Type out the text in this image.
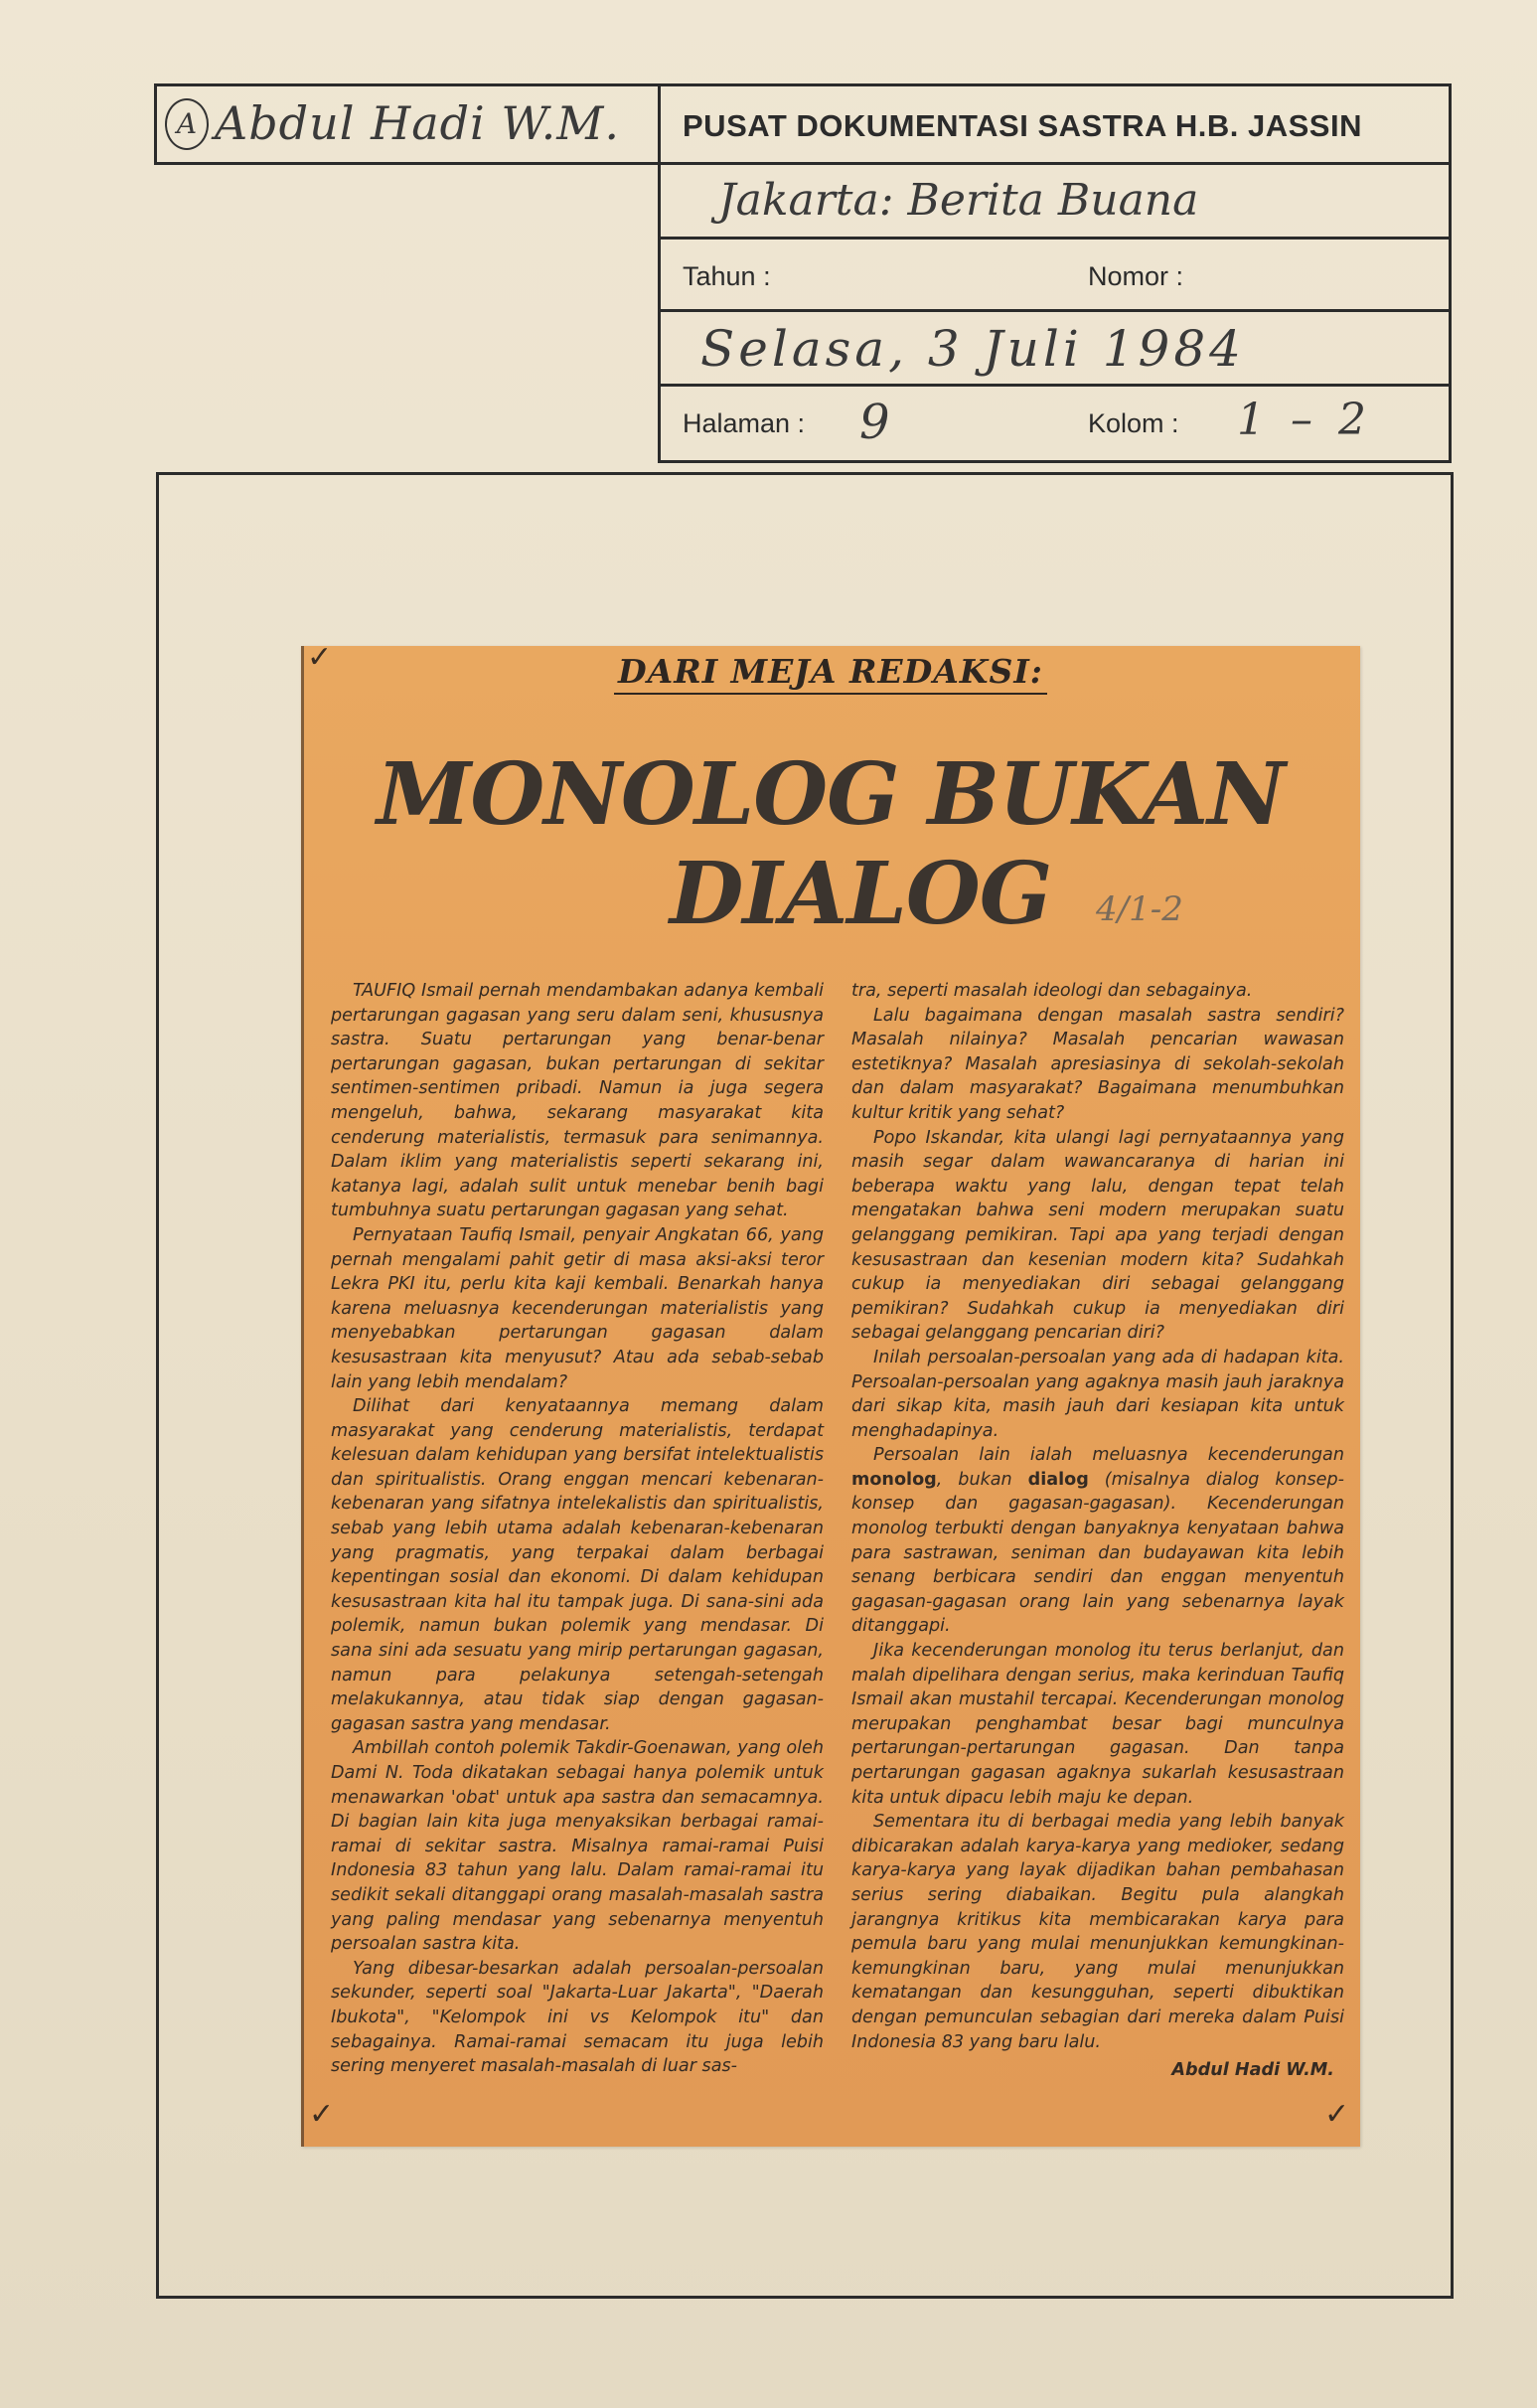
A Abdul Hadi W.M. PUSAT DOKUMENTASI SASTRA H.B. JASSIN
Jakarta: Berita Buana
Tahun :	Nomor :
Selasa, 3 Juli 1984
Halaman : 9	Kolom : 1 – 2
✓
✓	✓
DARI MEJA REDAKSI:
MONOLOG BUKAN
DIALOG	4/1-2

TAUFIQ Ismail pernah mendambakan adanya kembali pertarungan gagasan yang seru dalam seni, khususnya sastra. Suatu pertarungan yang benar-benar pertarungan gagasan, bukan pertarungan di sekitar sentimen-sentimen pribadi. Namun ia juga segera mengeluh, bahwa, sekarang masyarakat kita cenderung materialistis, termasuk para senimannya. Dalam iklim yang materialistis seperti sekarang ini, katanya lagi, adalah sulit untuk menebar benih bagi tumbuhnya suatu pertarungan gagasan yang sehat.

Pernyataan Taufiq Ismail, penyair Angkatan 66, yang pernah mengalami pahit getir di masa aksi-aksi teror Lekra PKI itu, perlu kita kaji kembali. Benarkah hanya karena meluasnya kecenderungan materialistis yang menyebabkan pertarungan gagasan dalam kesusastraan kita menyusut? Atau ada sebab-sebab lain yang lebih mendalam?

Dilihat dari kenyataannya memang dalam masyarakat yang cenderung materialistis, terdapat kelesuan dalam kehidupan yang bersifat intelektualistis dan spiritualistis. Orang enggan mencari kebenaran-kebenaran yang sifatnya intelekalistis dan spiritualistis, sebab yang lebih utama adalah kebenaran-kebenaran yang pragmatis, yang terpakai dalam berbagai kepentingan sosial dan ekonomi. Di dalam kehidupan kesusastraan kita hal itu tampak juga. Di sana-sini ada polemik, namun bukan polemik yang mendasar. Di sana sini ada sesuatu yang mirip pertarungan gagasan, namun para pelakunya setengah-setengah melakukannya, atau tidak siap dengan gagasan-gagasan sastra yang mendasar.

Ambillah contoh polemik Takdir-Goenawan, yang oleh Dami N. Toda dikatakan sebagai hanya polemik untuk menawarkan 'obat' untuk apa sastra dan semacamnya. Di bagian lain kita juga menyaksikan berbagai ramai-ramai di sekitar sastra. Misalnya ramai-ramai Puisi Indonesia 83 tahun yang lalu. Dalam ramai-ramai itu sedikit sekali ditanggapi orang masalah-masalah sastra yang paling mendasar yang sebenarnya menyentuh persoalan sastra kita.

Yang dibesar-besarkan adalah persoalan-persoalan sekunder, seperti soal "Jakarta-Luar Jakarta", "Daerah Ibukota", "Kelompok ini vs Kelompok itu" dan sebagainya. Ramai-ramai semacam itu juga lebih sering menyeret masalah-masalah di luar sas-

tra, seperti masalah ideologi dan sebagainya.

Lalu bagaimana dengan masalah sastra sendiri? Masalah nilainya? Masalah pencarian wawasan estetiknya? Masalah apresiasinya di sekolah-sekolah dan dalam masyarakat? Bagaimana menumbuhkan kultur kritik yang sehat?

Popo Iskandar, kita ulangi lagi pernyataannya yang masih segar dalam wawancaranya di harian ini beberapa waktu yang lalu, dengan tepat telah mengatakan bahwa seni modern merupakan suatu gelanggang pemikiran. Tapi apa yang terjadi dengan kesusastraan dan kesenian modern kita? Sudahkah cukup ia menyediakan diri sebagai gelanggang pemikiran? Sudahkah cukup ia menyediakan diri sebagai gelanggang pencarian diri?

Inilah persoalan-persoalan yang ada di hadapan kita. Persoalan-persoalan yang agaknya masih jauh jaraknya dari sikap kita, masih jauh dari kesiapan kita untuk menghadapinya.

Persoalan lain ialah meluasnya kecenderungan monolog, bukan dialog (misalnya dialog konsep-konsep dan gagasan-gagasan). Kecenderungan monolog terbukti dengan banyaknya kenyataan bahwa para sastrawan, seniman dan budayawan kita lebih senang berbicara sendiri dan enggan menyentuh gagasan-gagasan orang lain yang sebenarnya layak ditanggapi.

Jika kecenderungan monolog itu terus berlanjut, dan malah dipelihara dengan serius, maka kerinduan Taufiq Ismail akan mustahil tercapai. Kecenderungan monolog merupakan penghambat besar bagi munculnya pertarungan-pertarungan gagasan. Dan tanpa pertarungan gagasan agaknya sukarlah kesusastraan kita untuk dipacu lebih maju ke depan.

Sementara itu di berbagai media yang lebih banyak dibicarakan adalah karya-karya yang medioker, sedang karya-karya yang layak dijadikan bahan pembahasan serius sering diabaikan. Begitu pula alangkah jarangnya kritikus kita membicarakan karya para pemula baru yang mulai menunjukkan kemungkinan-kemungkinan baru, yang mulai menunjukkan kematangan dan kesungguhan, seperti dibuktikan dengan pemunculan sebagian dari mereka dalam Puisi Indonesia 83 yang baru lalu.

Abdul Hadi W.M.
